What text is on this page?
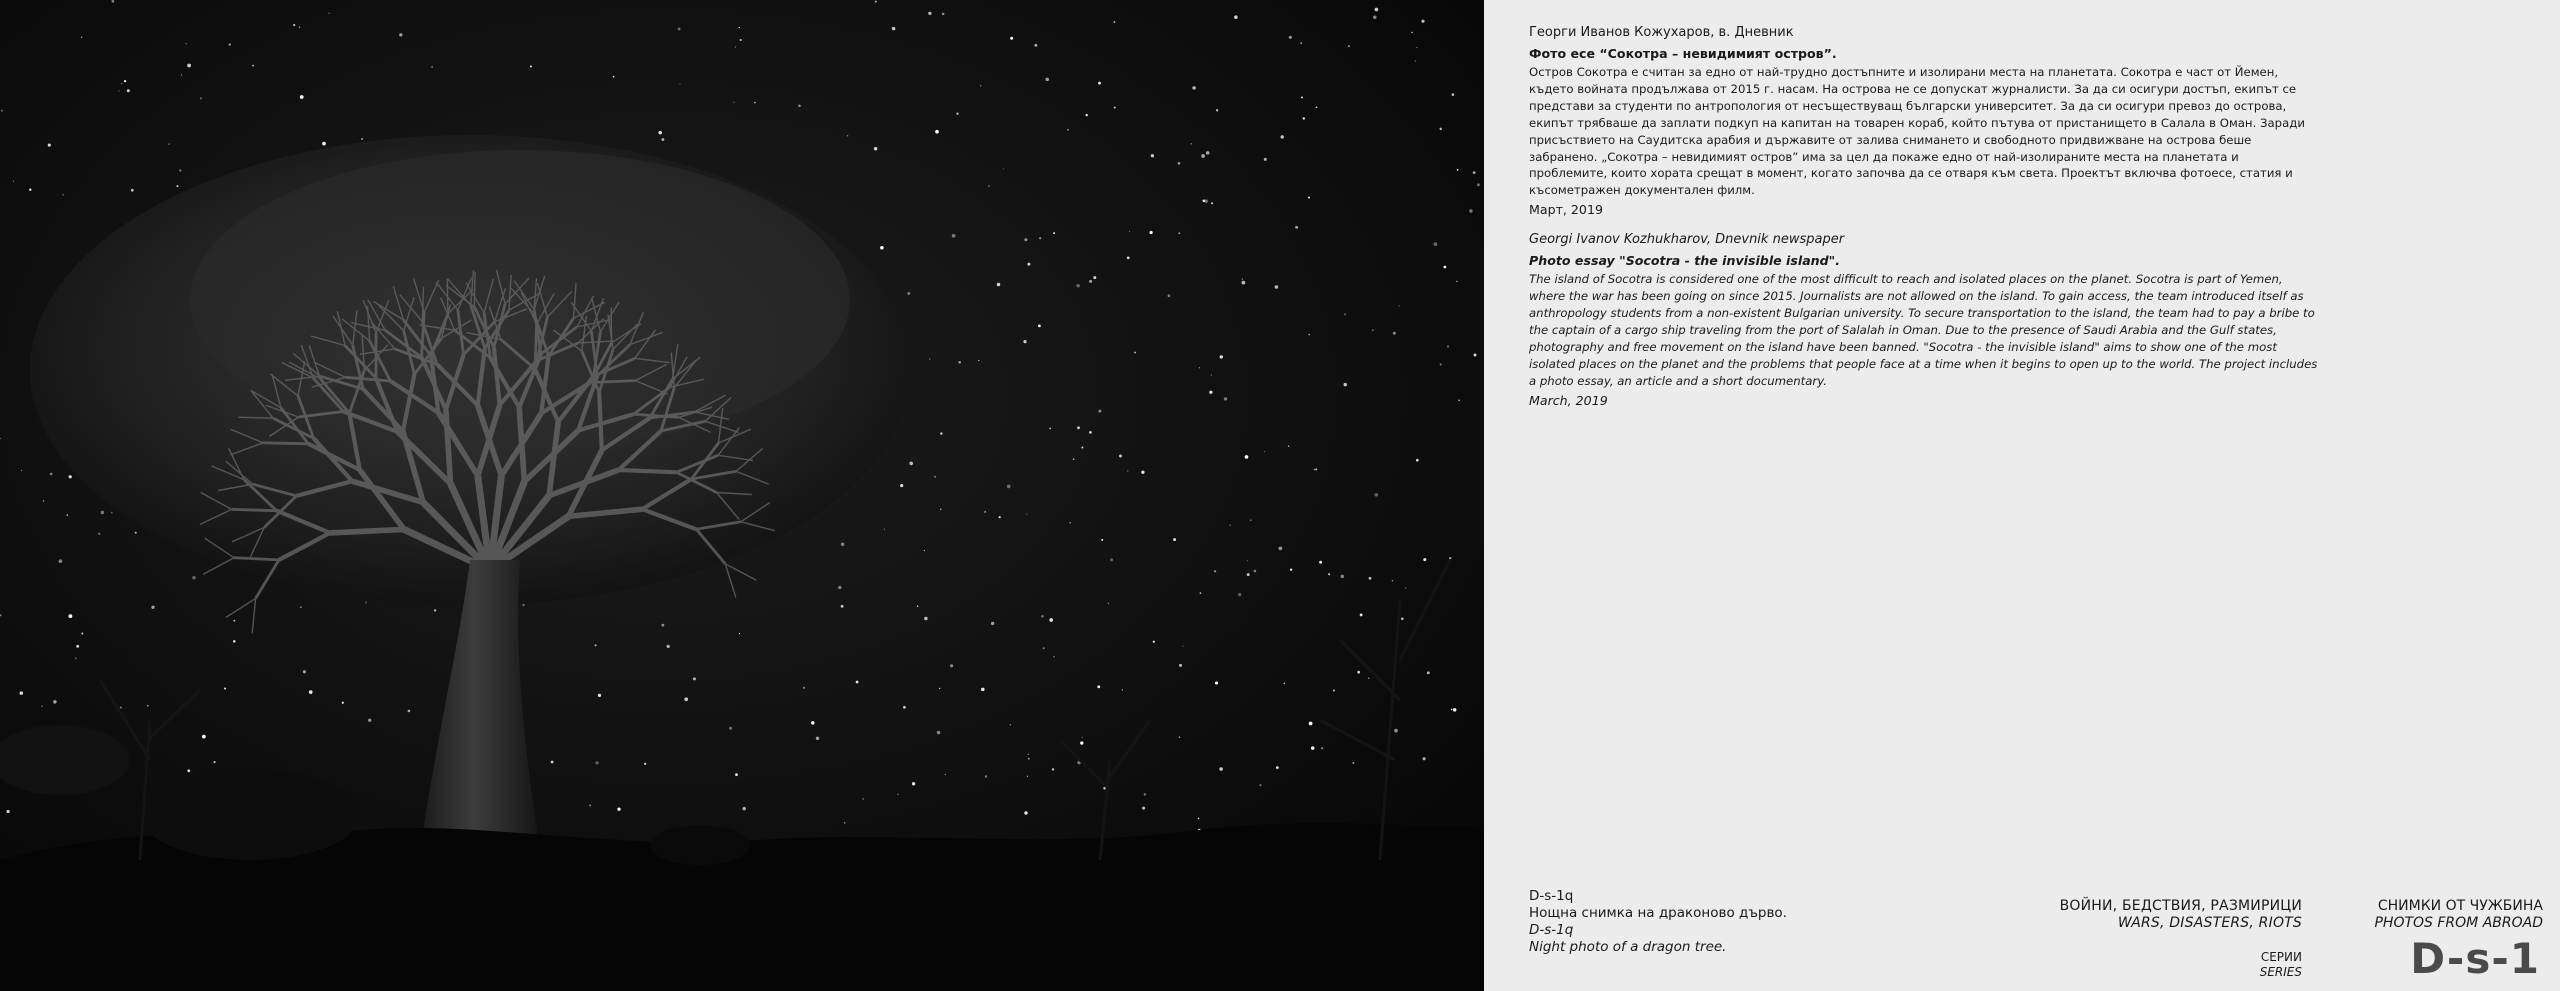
Георги Иванов Кожухаров, в. Дневник

Фото есе “Сокотра – невидимият остров”.

Остров Сокотра е считан за едно от най-трудно достъпните и изолирани места на планетата. Сокотра е част от Йемен, където войната продължава от 2015 г. насам. На острова не се допускат журналисти. За да си осигури достъп, екипът се представи за студенти по антропология от несъществуващ български университет. За да си осигури превоз до острова, екипът трябваше да заплати подкуп на капитан на товарен кораб, който пътува от пристанището в Салала в Оман. Заради присъствието на Саудитска арабия и държавите от залива снимането и свободното придвижване на острова беше забранено. „Сокотра – невидимият остров” има за цел да покаже едно от най-изолираните места на планетата и проблемите, които хората срещат в момент, когато започва да се отваря към света. Проектът включва фотоесе, статия и късометражен документален филм.

Март, 2019

Georgi Ivanov Kozhukharov, Dnevnik newspaper

Photo essay "Socotra - the invisible island".

The island of Socotra is considered one of the most difficult to reach and isolated places on the planet. Socotra is part of Yemen, where the war has been going on since 2015. Journalists are not allowed on the island. To gain access, the team introduced itself as anthropology students from a non-existent Bulgarian university. To secure transportation to the island, the team had to pay a bribe to the captain of a cargo ship traveling from the port of Salalah in Oman. Due to the presence of Saudi Arabia and the Gulf states, photography and free movement on the island have been banned. "Socotra - the invisible island" aims to show one of the most isolated places on the planet and the problems that people face at a time when it begins to open up to the world. The project includes a photo essay, an article and a short documentary.

March, 2019

D-s-1q
Нощна снимка на драконово дърво.
D-s-1q
Night photo of a dragon tree.
ВОЙНИ, БЕДСТВИЯ, РАЗМИРИЦИ
WARS, DISASTERS, RIOTS
СЕРИИ
SERIES
СНИМКИ ОТ ЧУЖБИНА
PHOTOS FROM ABROAD
D-s-1
